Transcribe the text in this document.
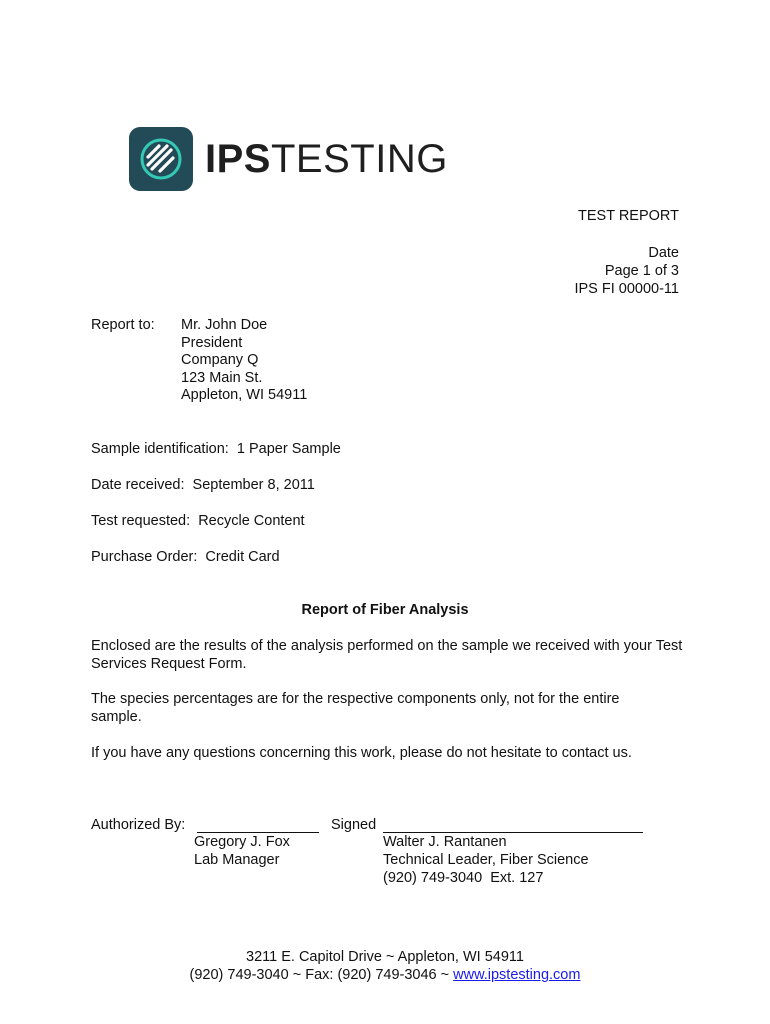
IPSTESTING
TEST REPORT
Date
Page 1 of 3
IPS FI 00000-11
Report to: Mr. John Doe
President
Company Q
123 Main St.
Appleton, WI 54911
Sample identification:  1 Paper Sample
Date received:  September 8, 2011
Test requested:  Recycle Content
Purchase Order:  Credit Card
Report of Fiber Analysis
Enclosed are the results of the analysis performed on the sample we received with your Test Services Request Form.
The species percentages are for the respective components only, not for the entire sample.
If you have any questions concerning this work, please do not hesitate to contact us.
Authorized By:
Gregory J. Fox
Lab Manager
Signed
Walter J. Rantanen
Technical Leader, Fiber Science
(920) 749-3040  Ext. 127
3211 E. Capitol Drive ~ Appleton, WI 54911
(920) 749-3040 ~ Fax: (920) 749-3046 ~ www.ipstesting.com
